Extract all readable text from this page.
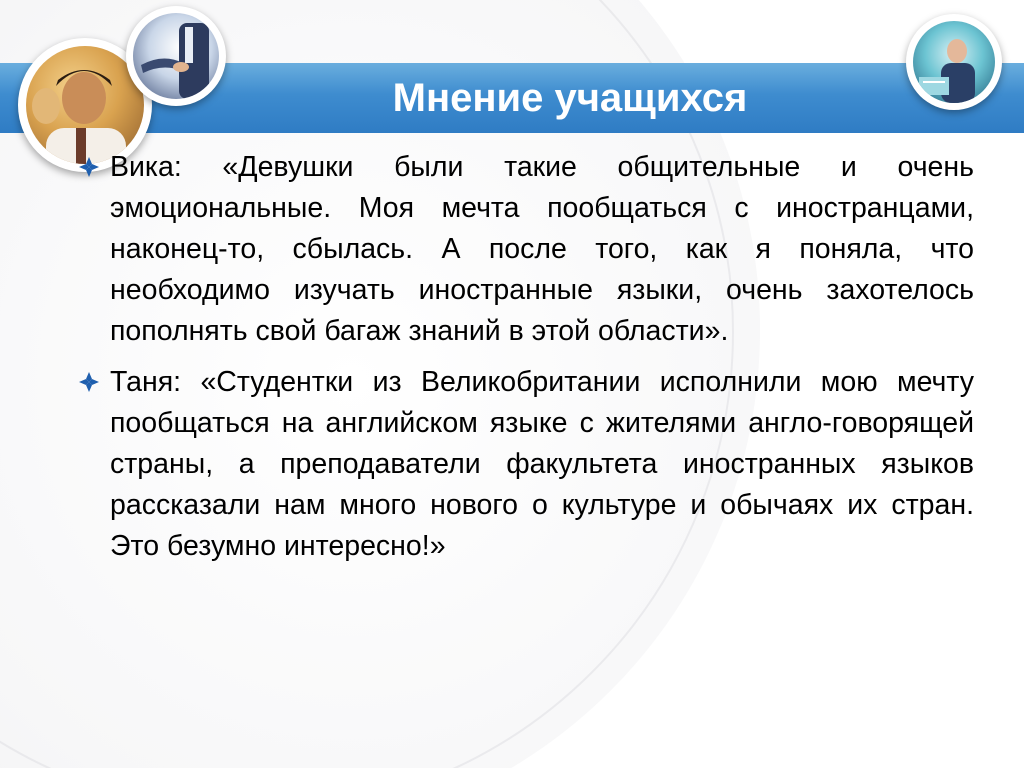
Мнение учащихся
Вика: «Девушки были такие общительные и очень эмоциональные. Моя мечта пообщаться с иностранцами, наконец-то, сбылась. А после того, как я поняла, что необходимо изучать иностранные языки, очень захотелось пополнять свой багаж знаний в этой области».
Таня: «Студентки из Великобритании исполнили мою мечту пообщаться на английском языке с жителями англо-говорящей страны, а преподаватели факультета иностранных языков рассказали нам много нового о культуре и обычаях их стран. Это безумно интересно!»
